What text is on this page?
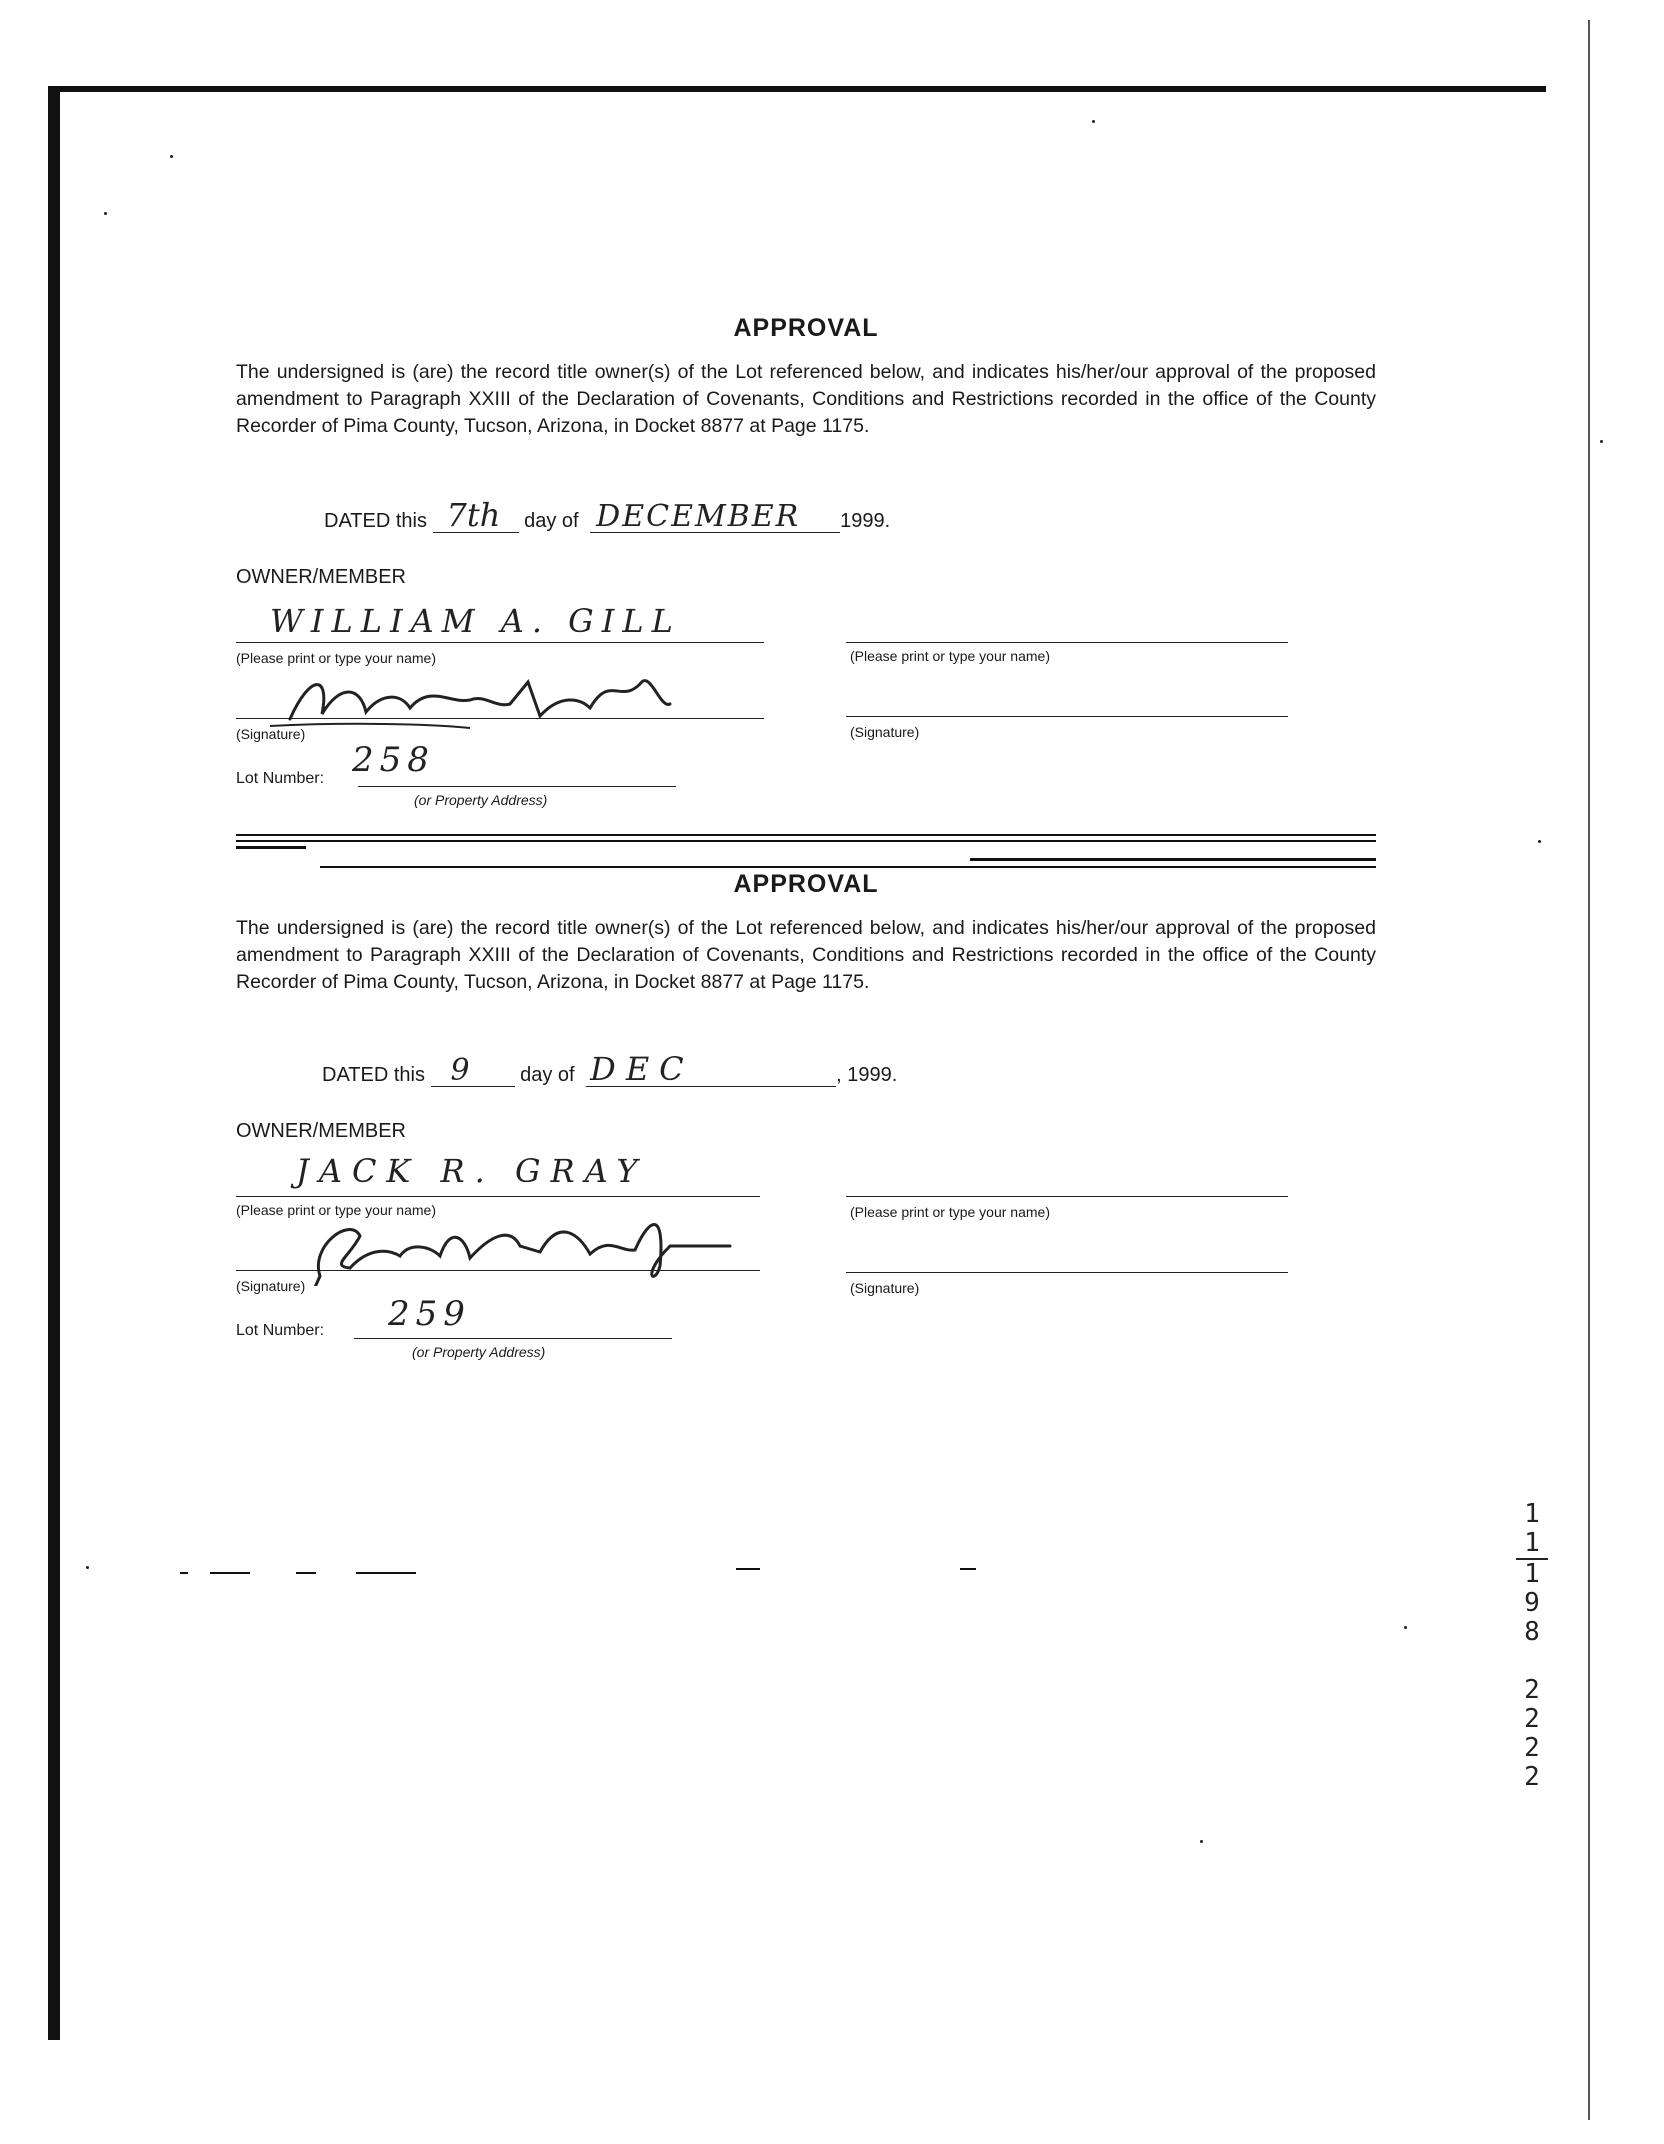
APPROVAL

The undersigned is (are) the record title owner(s) of the Lot referenced below, and indicates his/her/our approval of the proposed amendment to Paragraph XXIII of the Declaration of Covenants, Conditions and Restrictions recorded in the office of the County Recorder of Pima County, Tucson, Arizona, in Docket 8877 at Page 1175.

DATED this 7th day of DECEMBER 1999.
OWNER/MEMBER
WILLIAM A. GILL
(Please print or type your name)	(Please print or type your name)
(Signature)	(Signature)
Lot Number: 258
(or Property Address)
APPROVAL

The undersigned is (are) the record title owner(s) of the Lot referenced below, and indicates his/her/our approval of the proposed amendment to Paragraph XXIII of the Declaration of Covenants, Conditions and Restrictions recorded in the office of the County Recorder of Pima County, Tucson, Arizona, in Docket 8877 at Page 1175.

DATED this 9	day of DEC	, 1999.
OWNER/MEMBER
JACK R. GRAY
(Please print or type your name)	(Please print or type your name)
(Signature)	(Signature)
Lot Number: 259
(or Property Address)
1
1
1
9
8

2
2
2
2
